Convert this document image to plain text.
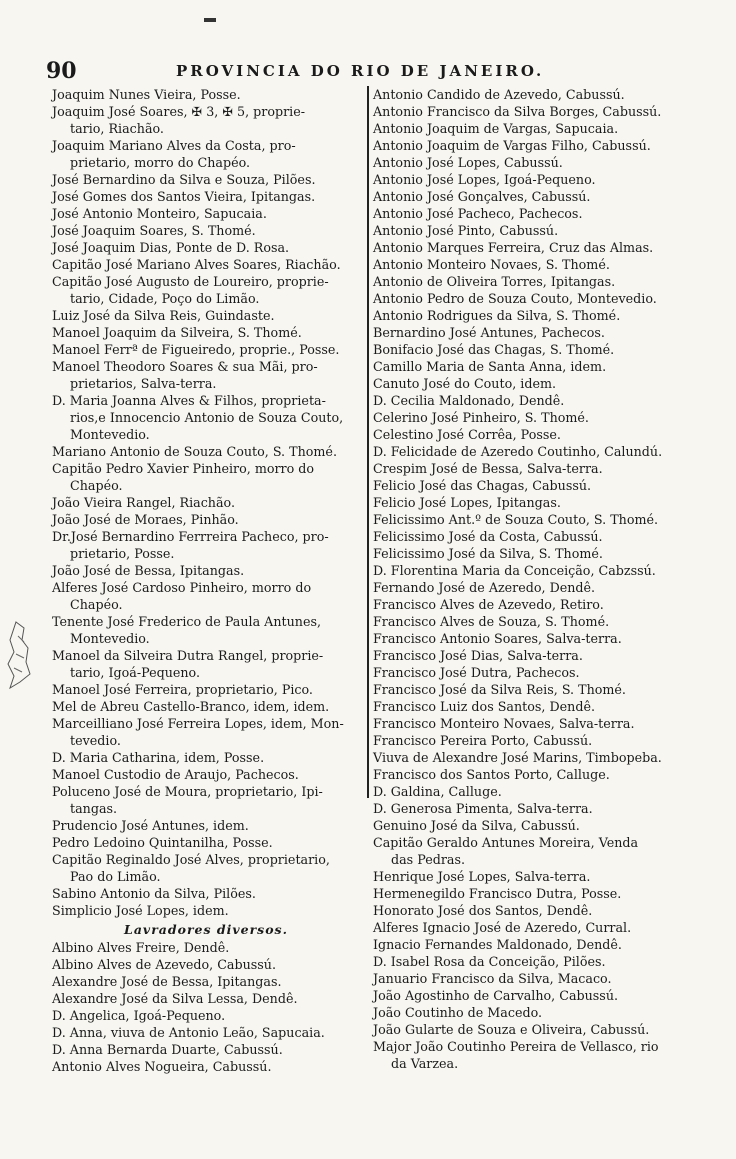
90	PROVINCIA DO RIO DE JANEIRO.
Joaquim Nunes Vieira, Posse.
Joaquim José Soares, ✠ 3, ✠ 5, proprie-
tario, Riachão.
Joaquim Mariano Alves da Costa, pro-
prietario, morro do Chapéo.
José Bernardino da Silva e Souza, Pilões.
José Gomes dos Santos Vieira, Ipitangas.
José Antonio Monteiro, Sapucaia.
José Joaquim Soares, S. Thomé.
José Joaquim Dias, Ponte de D. Rosa.
Capitão José Mariano Alves Soares, Riachão.
Capitão José Augusto de Loureiro, proprie-
tario, Cidade, Poço do Limão.
Luiz José da Silva Reis, Guindaste.
Manoel Joaquim da Silveira, S. Thomé.
Manoel Ferrª de Figueiredo, proprie., Posse.
Manoel Theodoro Soares & sua Mãi, pro-
prietarios, Salva-terra.
D. Maria Joanna Alves & Filhos, proprieta-
rios,e Innocencio Antonio de Souza Couto,
Montevedio.
Mariano Antonio de Souza Couto, S. Thomé.
Capitão Pedro Xavier Pinheiro, morro do
Chapéo.
João Vieira Rangel, Riachão.
João José de Moraes, Pinhão.
Dr.José Bernardino Ferrreira Pacheco, pro-
prietario, Posse.
João José de Bessa, Ipitangas.
Alferes José Cardoso Pinheiro, morro do
Chapéo.
Tenente José Frederico de Paula Antunes,
Montevedio.
Manoel da Silveira Dutra Rangel, proprie-
tario, Igoá-Pequeno.
Manoel José Ferreira, proprietario, Pico.
Mel de Abreu Castello-Branco, idem, idem.
Marceilliano José Ferreira Lopes, idem, Mon-
tevedio.
D. Maria Catharina, idem, Posse.
Manoel Custodio de Araujo, Pachecos.
Poluceno José de Moura, proprietario, Ipi-
tangas.
Prudencio José Antunes, idem.
Pedro Ledoino Quintanilha, Posse.
Capitão Reginaldo José Alves, proprietario,
Pao do Limão.
Sabino Antonio da Silva, Pilões.
Simplicio José Lopes, idem.
Lavradores diversos.
Albino Alves Freire, Dendê.
Albino Alves de Azevedo, Cabussú.
Alexandre José de Bessa, Ipitangas.
Alexandre José da Silva Lessa, Dendê.
D. Angelica, Igoá-Pequeno.
D. Anna, viuva de Antonio Leão, Sapucaia.
D. Anna Bernarda Duarte, Cabussú.
Antonio Alves Nogueira, Cabussú.
Antonio Candido de Azevedo, Cabussú.
Antonio Francisco da Silva Borges, Cabussú.
Antonio Joaquim de Vargas, Sapucaia.
Antonio Joaquim de Vargas Filho, Cabussú.
Antonio José Lopes, Cabussú.
Antonio José Lopes, Igoá-Pequeno.
Antonio José Gonçalves, Cabussú.
Antonio José Pacheco, Pachecos.
Antonio José Pinto, Cabussú.
Antonio Marques Ferreira, Cruz das Almas.
Antonio Monteiro Novaes, S. Thomé.
Antonio de Oliveira Torres, Ipitangas.
Antonio Pedro de Souza Couto, Montevedio.
Antonio Rodrigues da Silva, S. Thomé.
Bernardino José Antunes, Pachecos.
Bonifacio José das Chagas, S. Thomé.
Camillo Maria de Santa Anna, idem.
Canuto José do Couto, idem.
D. Cecilia Maldonado, Dendê.
Celerino José Pinheiro, S. Thomé.
Celestino José Corrêa, Posse.
D. Felicidade de Azeredo Coutinho, Calundú.
Crespim José de Bessa, Salva-terra.
Felicio José das Chagas, Cabussú.
Felicio José Lopes, Ipitangas.
Felicissimo Ant.º de Souza Couto, S. Thomé.
Felicissimo José da Costa, Cabussú.
Felicissimo José da Silva, S. Thomé.
D. Florentina Maria da Conceição, Cabzssú.
Fernando José de Azeredo, Dendê.
Francisco Alves de Azevedo, Retiro.
Francisco Alves de Souza, S. Thomé.
Francisco Antonio Soares, Salva-terra.
Francisco José Dias, Salva-terra.
Francisco José Dutra, Pachecos.
Francisco José da Silva Reis, S. Thomé.
Francisco Luiz dos Santos, Dendê.
Francisco Monteiro Novaes, Salva-terra.
Francisco Pereira Porto, Cabussú.
Viuva de Alexandre José Marins, Timbopeba.
Francisco dos Santos Porto, Calluge.
D. Galdina, Calluge.
D. Generosa Pimenta, Salva-terra.
Genuino José da Silva, Cabussú.
Capitão Geraldo Antunes Moreira, Venda
das Pedras.
Henrique José Lopes, Salva-terra.
Hermenegildo Francisco Dutra, Posse.
Honorato José dos Santos, Dendê.
Alferes Ignacio José de Azeredo, Curral.
Ignacio Fernandes Maldonado, Dendê.
D. Isabel Rosa da Conceição, Pilões.
Januario Francisco da Silva, Macaco.
João Agostinho de Carvalho, Cabussú.
João Coutinho de Macedo.
João Gularte de Souza e Oliveira, Cabussú.
Major João Coutinho Pereira de Vellasco, rio
da Varzea.
